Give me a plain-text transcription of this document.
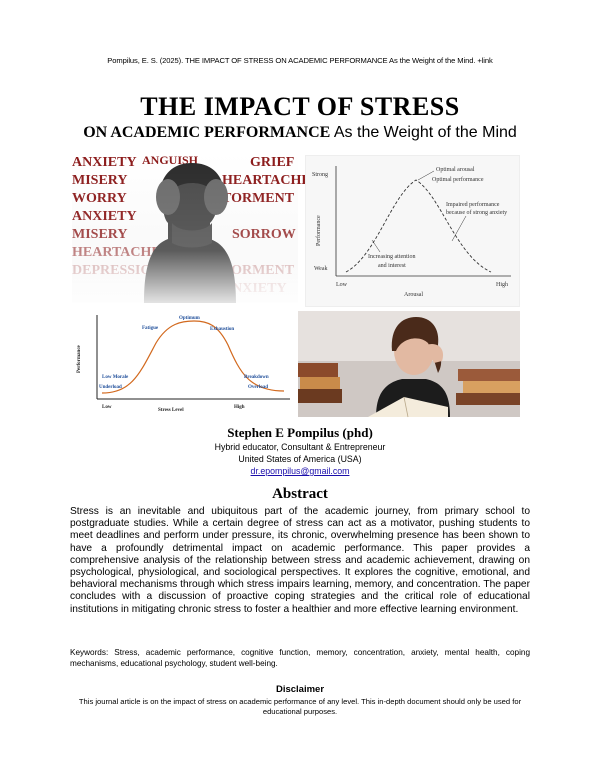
Pompilus, E. S. (2025). THE IMPACT OF STRESS ON ACADEMIC PERFORMANCE As the Weight of the Mind. +link
THE IMPACT OF STRESS
ON ACADEMIC PERFORMANCE As the Weight of the Mind
Strong
Weak
Performance
Low	High
Arousal
Optimal arousal
Optimal performance
Impaired performance
because of strong anxiety
Increasing attention
and interest
Performance
Low
Stress Level
High
Optimum
Fatigue	Exhaustion
Low Morale
Underload
Breakdown
Overload
Stephen E Pompilus (phd)
Hybrid educator, Consultant & Entrepreneur
United States of America (USA)
dr.epompilus@gmail.com
Abstract
Stress is an inevitable and ubiquitous part of the academic journey, from primary school to postgraduate studies. While a certain degree of stress can act as a motivator, pushing students to meet deadlines and perform under pressure, its chronic, overwhelming presence has been shown to have a profoundly detrimental impact on academic performance. This paper provides a comprehensive analysis of the relationship between stress and academic achievement, drawing on psychological, physiological, and sociological perspectives. It explores the cognitive, emotional, and behavioral mechanisms through which stress impairs learning, memory, and concentration. The paper concludes with a discussion of proactive coping strategies and the critical role of educational institutions in mitigating chronic stress to foster a healthier and more effective learning environment.
Keywords: Stress, academic performance, cognitive function, memory, concentration, anxiety, mental health, coping mechanisms, educational psychology, student well-being.
Disclaimer
This journal article is on the impact of stress on academic performance of any level. This in-depth document should only be used for educational purposes.
